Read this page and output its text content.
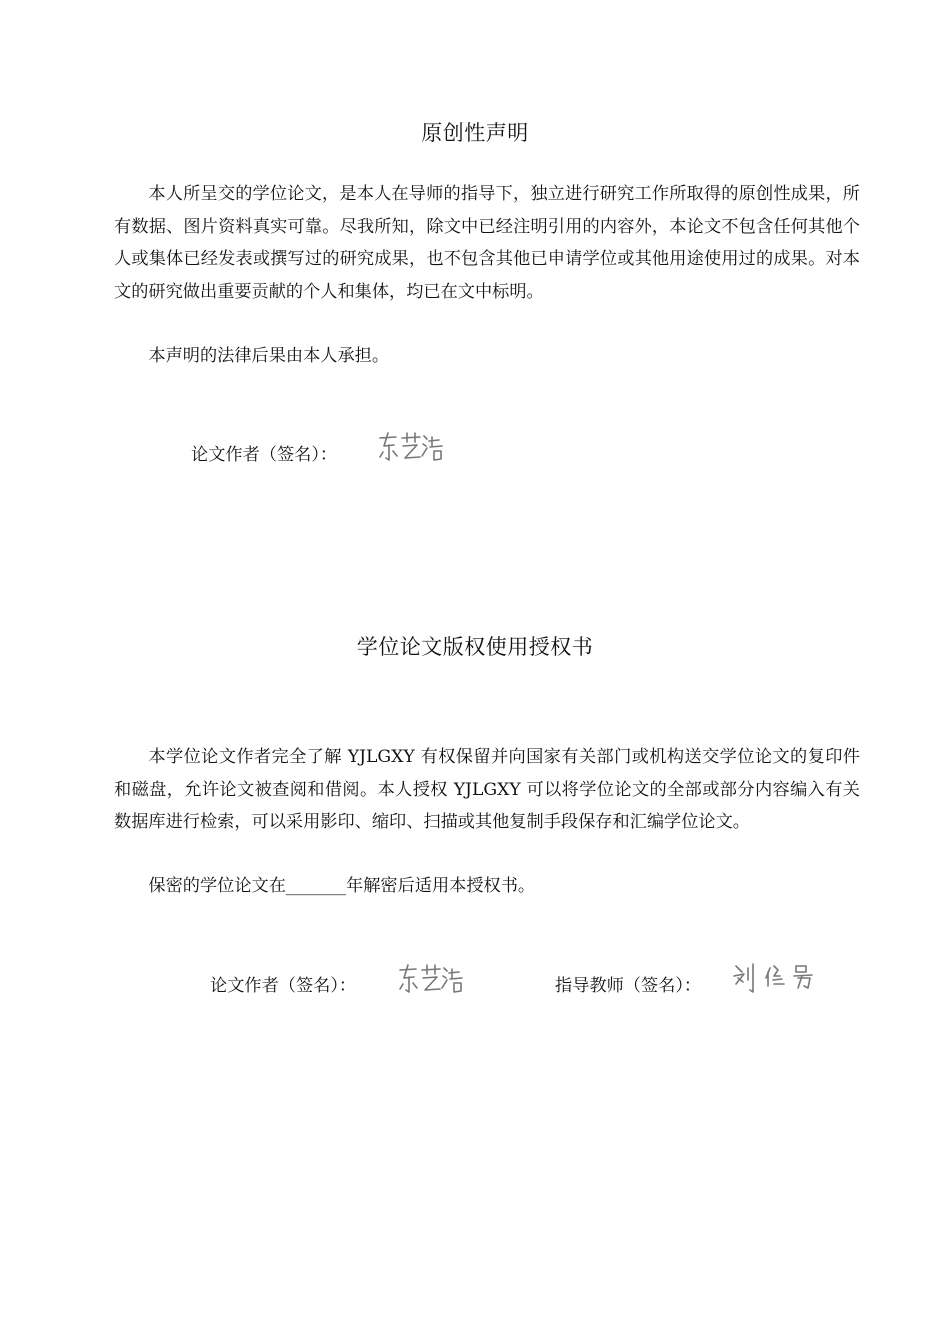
原创性声明

本人所呈交的学位论文，是本人在导师的指导下，独立进行研究工作所取得的原创性成果，所有数据、图片资料真实可靠。尽我所知，除文中已经注明引用的内容外，本论文不包含任何其他个人或集体已经发表或撰写过的研究成果，也不包含其他已申请学位或其他用途使用过的成果。对本文的研究做出重要贡献的个人和集体，均已在文中标明。

本声明的法律后果由本人承担。

论文作者（签名）：
学位论文版权使用授权书

本学位论文作者完全了解 YJLGXY 有权保留并向国家有关部门或机构送交学位论文的复印件和磁盘，允许论文被查阅和借阅。本人授权 YJLGXY 可以将学位论文的全部或部分内容编入有关数据库进行检索，可以采用影印、缩印、扫描或其他复制手段保存和汇编学位论文。

保密的学位论文在_______年解密后适用本授权书。

论文作者（签名）：	指导教师（签名）：
